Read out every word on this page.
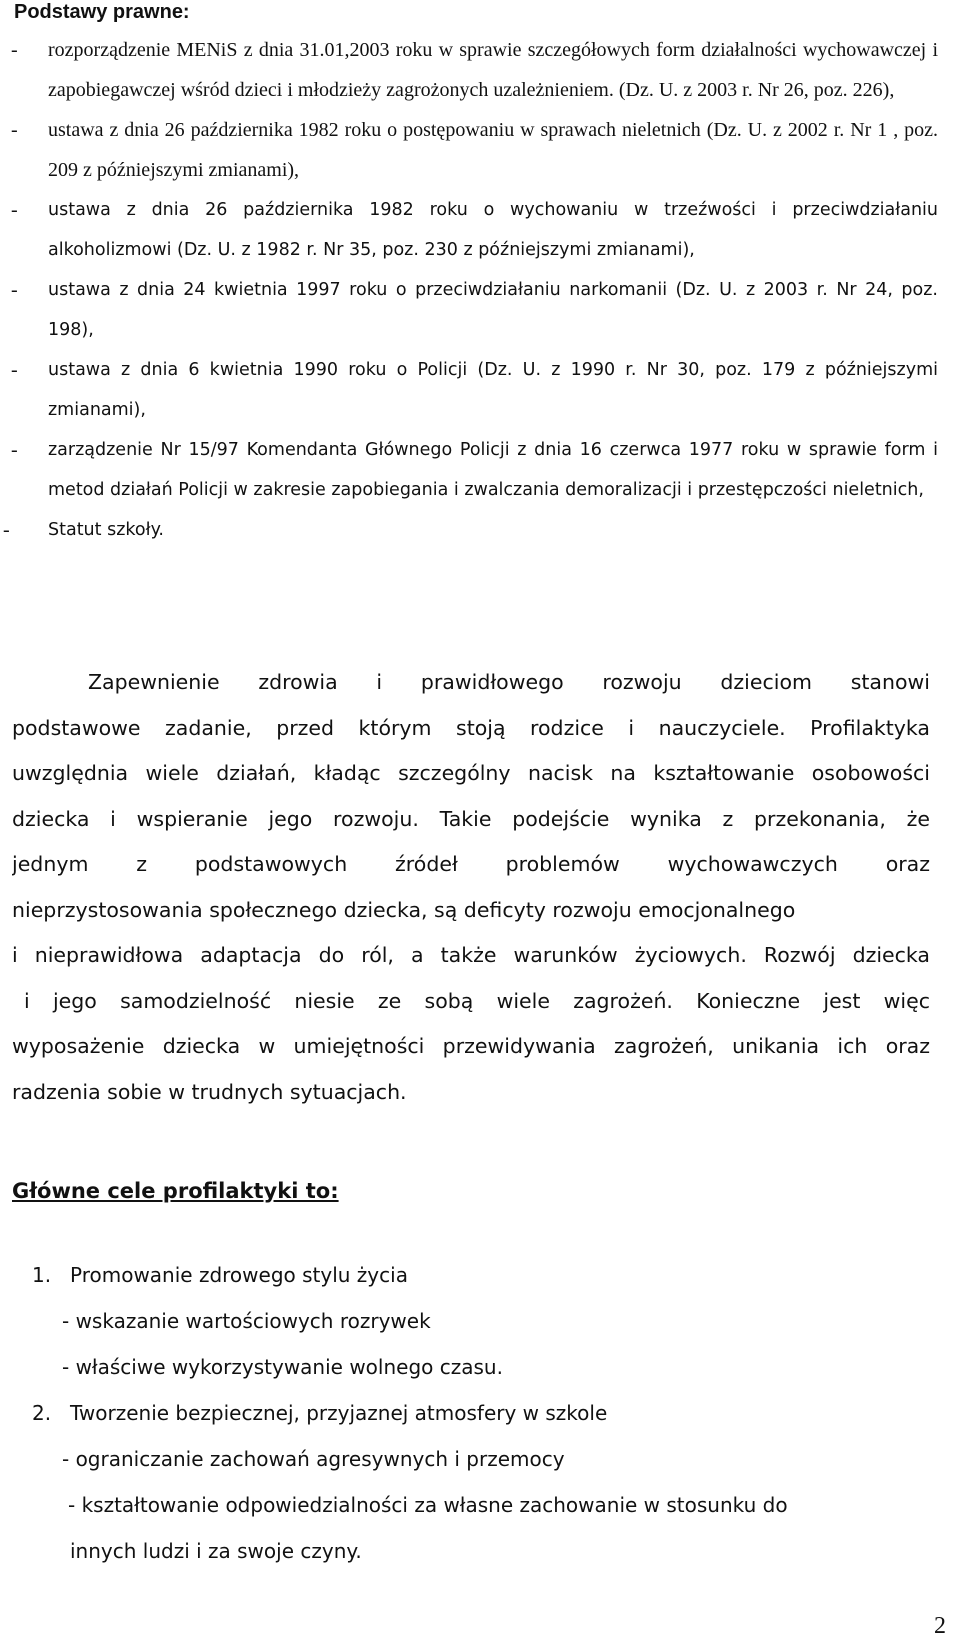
Podstawy prawne:
- rozporządzenie MENiS z dnia 31.01,2003 roku w sprawie szczegółowych form działalności wychowawczej i zapobiegawczej wśród dzieci i młodzieży zagrożonych uzależnieniem. (Dz. U. z 2003 r. Nr 26, poz. 226),
- ustawa z dnia 26 października 1982 roku o postępowaniu w sprawach nieletnich (Dz. U. z 2002 r. Nr 1 , poz. 209 z późniejszymi zmianami),
- ustawa z dnia 26 października 1982 roku o wychowaniu w trzeźwości i przeciwdziałaniu alkoholizmowi (Dz. U. z 1982 r. Nr 35, poz. 230 z późniejszymi zmianami),
- ustawa z dnia 24 kwietnia 1997 roku o przeciwdziałaniu narkomanii (Dz. U. z 2003 r. Nr 24, poz. 198),
- ustawa z dnia 6 kwietnia 1990 roku o Policji (Dz. U. z 1990 r. Nr 30, poz. 179 z późniejszymi zmianami),
- zarządzenie Nr 15/97 Komendanta Głównego Policji z dnia 16 czerwca 1977 roku w sprawie form i metod działań Policji w zakresie zapobiegania i zwalczania demoralizacji i przestępczości nieletnich,
- Statut szkoły.
Zapewnienie zdrowia i prawidłowego rozwoju dzieciom stanowi
podstawowe zadanie, przed którym stoją rodzice i nauczyciele. Profilaktyka
uwzględnia wiele działań, kładąc szczególny nacisk na kształtowanie osobowości
dziecka i wspieranie jego rozwoju. Takie podejście wynika z przekonania, że
jednym z podstawowych źródeł problemów wychowawczych oraz
nieprzystosowania społecznego dziecka, są deficyty rozwoju emocjonalnego
i nieprawidłowa adaptacja do ról, a także warunków życiowych. Rozwój dziecka
i jego samodzielność niesie ze sobą wiele zagrożeń. Konieczne jest więc
wyposażenie dziecka w umiejętności przewidywania zagrożeń, unikania ich oraz
radzenia sobie w trudnych sytuacjach.
Główne cele profilaktyki to:
1. Promowanie zdrowego stylu życia
- wskazanie wartościowych rozrywek
- właściwe wykorzystywanie wolnego czasu.
2. Tworzenie bezpiecznej, przyjaznej atmosfery w szkole
- ograniczanie zachowań agresywnych i przemocy
- kształtowanie odpowiedzialności za własne zachowanie w stosunku do
innych ludzi i za swoje czyny.
2
